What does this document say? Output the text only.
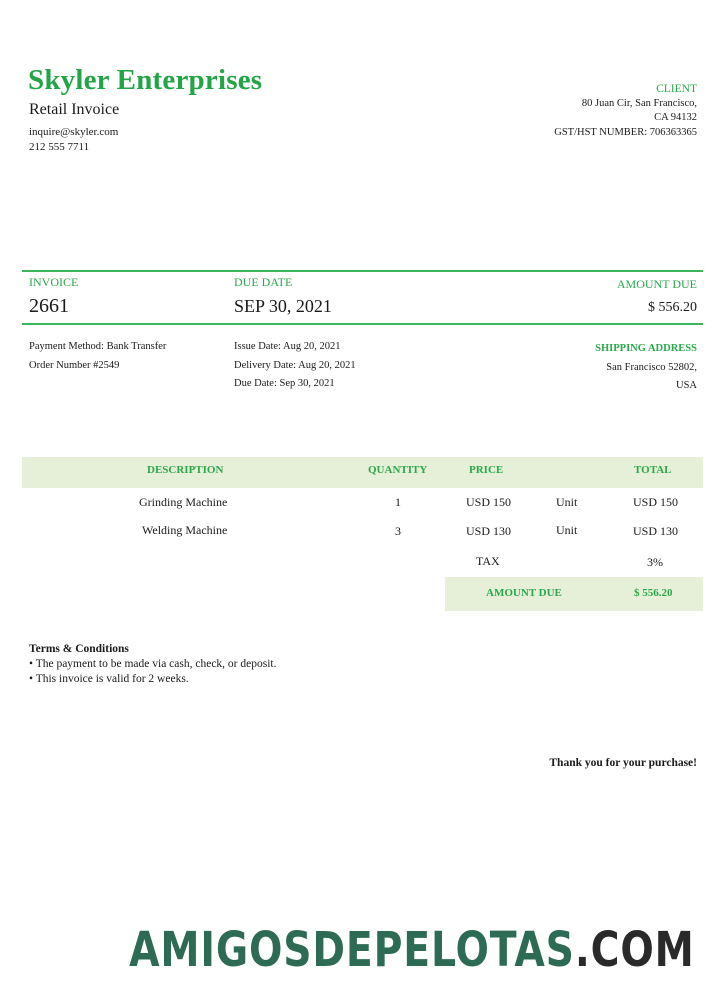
Skyler Enterprises
Retail Invoice
inquire@skyler.com
212 555 7711
CLIENT
80 Juan Cir, San Francisco,
CA 94132
GST/HST NUMBER: 706363365
INVOICE
2661
DUE DATE
SEP 30, 2021
AMOUNT DUE
$ 556.20
Payment Method: Bank Transfer
Order Number #2549
Issue Date: Aug 20, 2021
Delivery Date: Aug 20, 2021
Due Date: Sep 30, 2021
SHIPPING ADDRESS
San Francisco 52802,
USA
DESCRIPTION	QUANTITY	PRICE	TOTAL
Grinding Machine	1	USD 150	Unit	USD 150
Welding Machine	3	USD 130	Unit	USD 130
TAX	3%
AMOUNT DUE	$ 556.20
Terms & Conditions
• The payment to be made via cash, check, or deposit.
• This invoice is valid for 2 weeks.
Thank you for your purchase!
AMIGOSDEPELOTAS.COM
